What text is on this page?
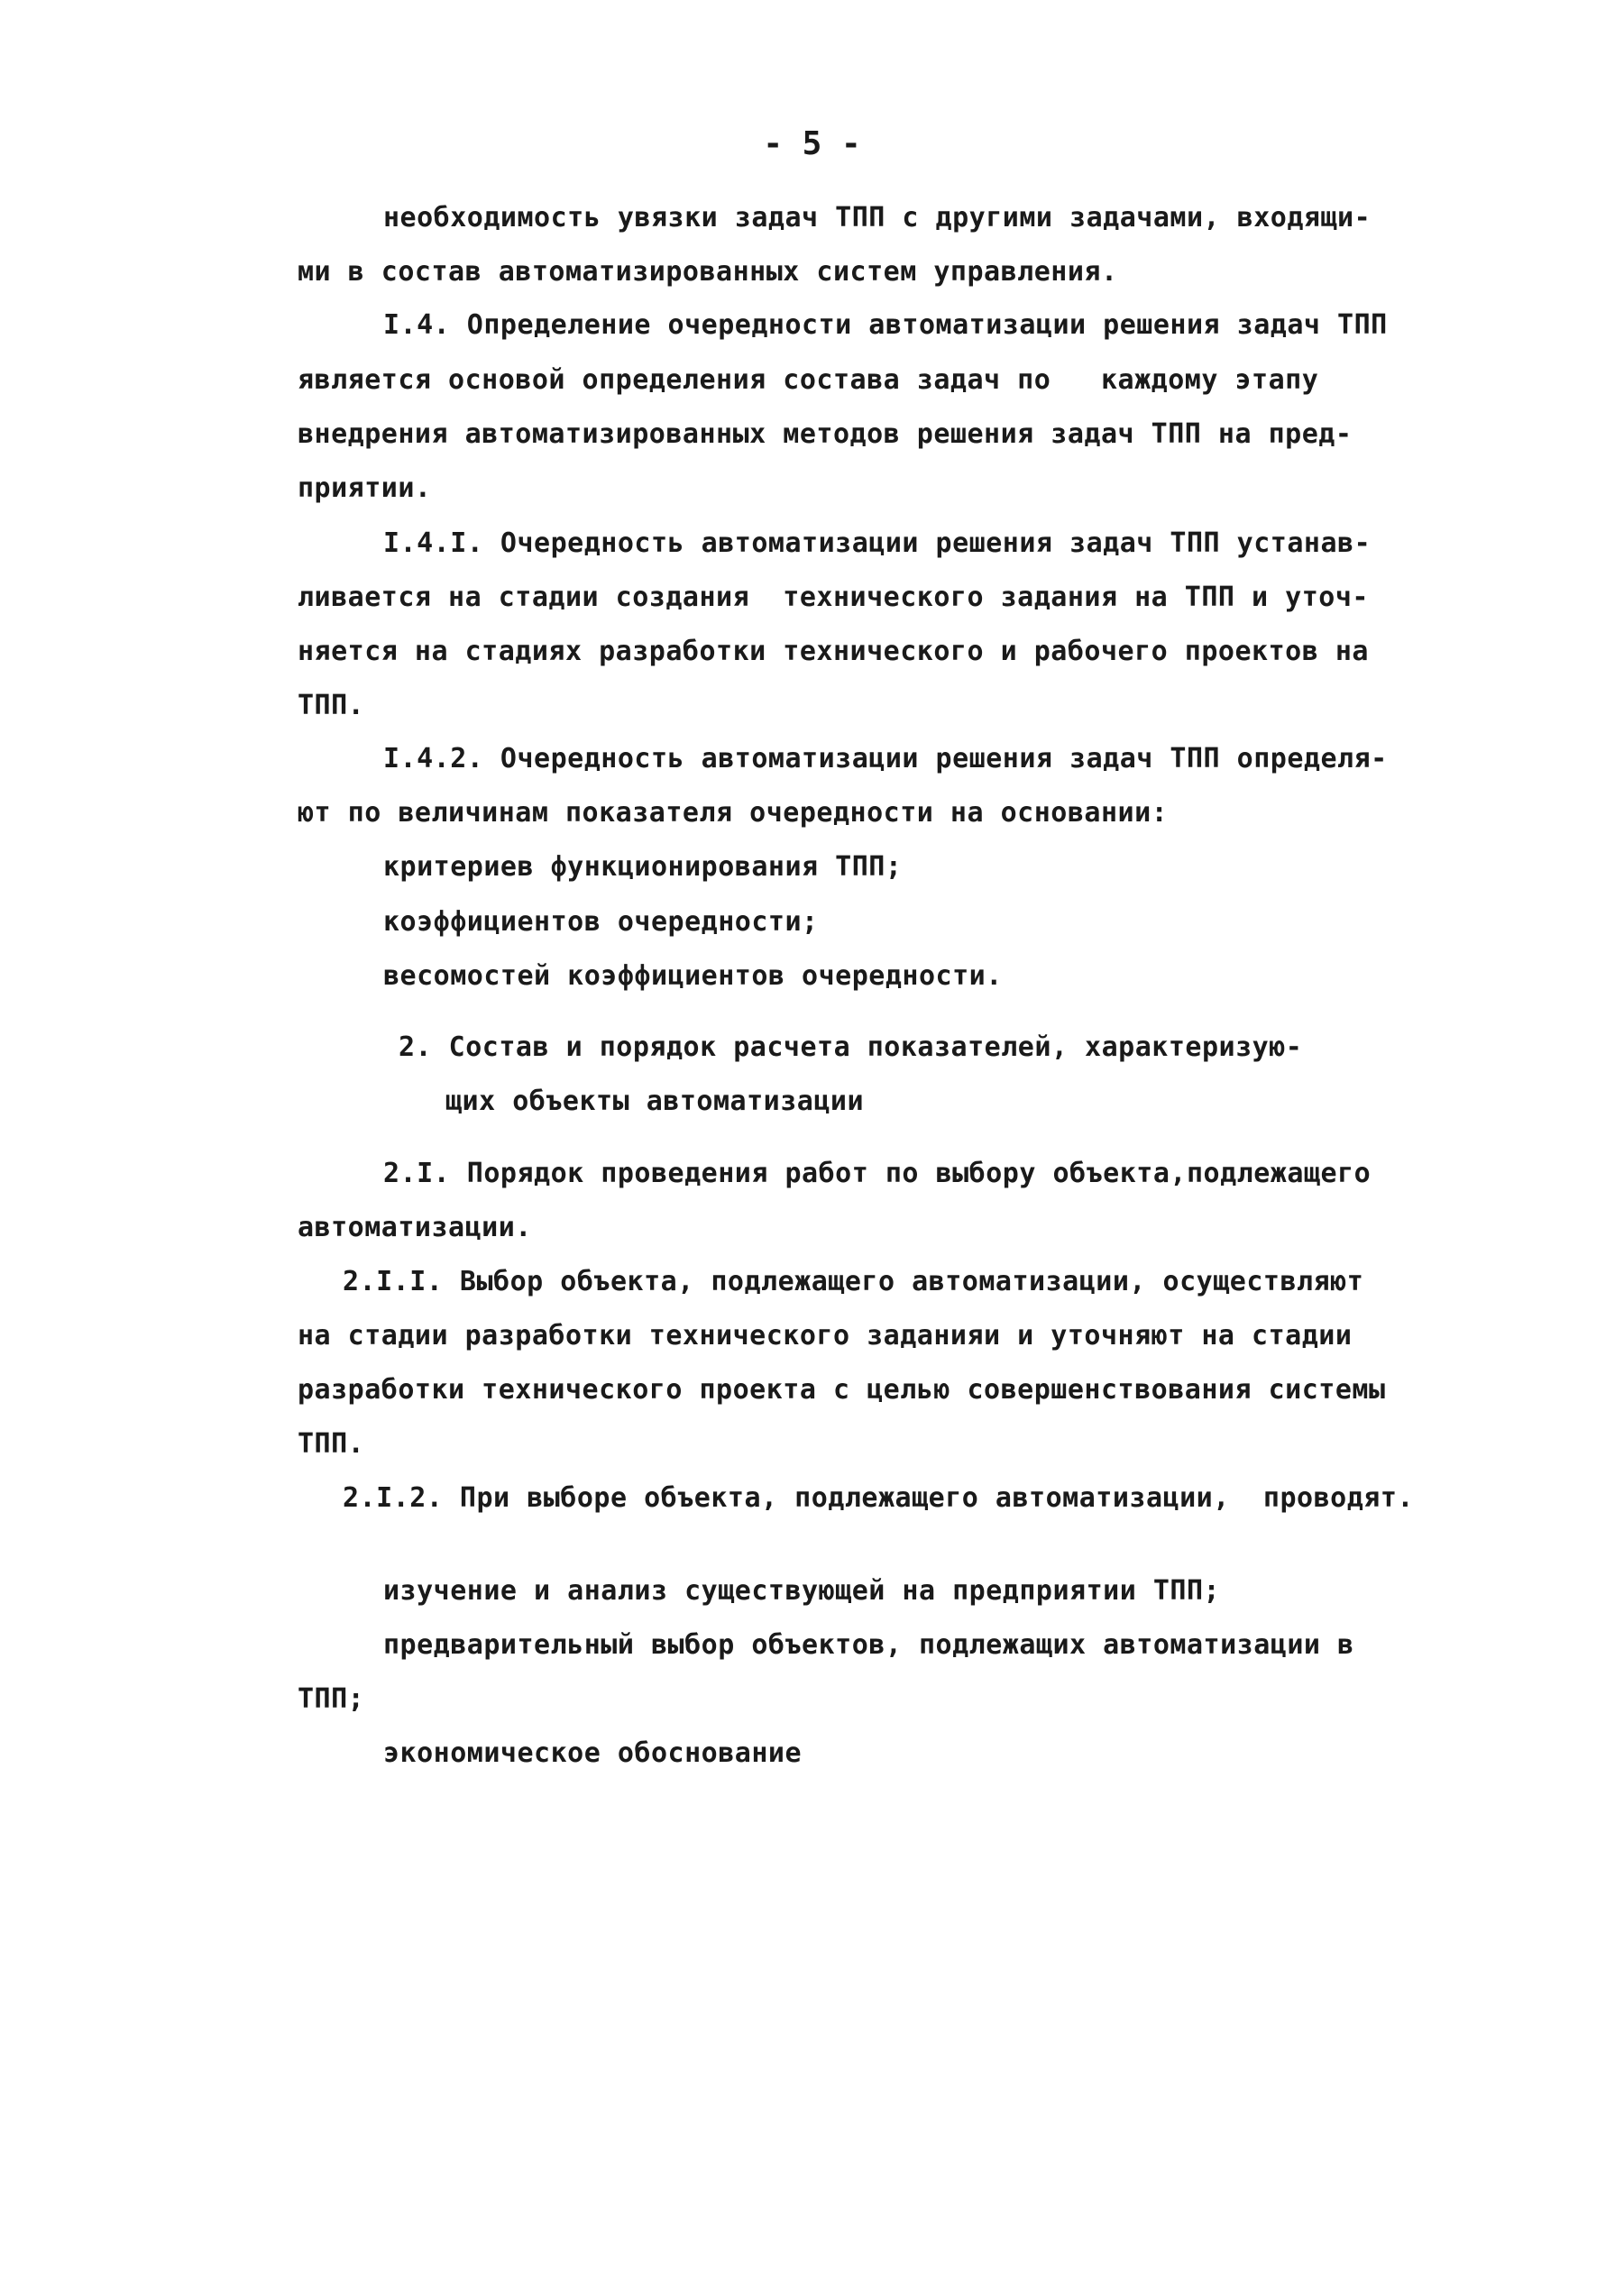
- 5 -
необходимость увязки задач ТПП с другими задачами, входящи-
ми в состав автоматизированных систем управления.
I.4. Определение очередности автоматизации решения задач ТПП
является основой определения состава задач по   каждому этапу
внедрения автоматизированных методов решения задач ТПП на пред-
приятии.
I.4.I. Очередность автоматизации решения задач ТПП устанав-
ливается на стадии создания  технического задания на ТПП и уточ-
няется на стадиях разработки технического и рабочего проектов на
ТПП.
I.4.2. Очередность автоматизации решения задач ТПП определя-
ют по величинам показателя очередности на основании:
критериев функционирования ТПП;
коэффициентов очередности;
весомостей коэффициентов очередности.
2. Состав и порядок расчета показателей, характеризую-
щих объекты автоматизации
2.I. Порядок проведения работ по выбору объекта,подлежащего
автоматизации.
2.I.I. Выбор объекта, подлежащего автоматизации, осуществляют
на стадии разработки технического заданияи и уточняют на стадии
разработки технического проекта с целью совершенствования системы
ТПП.
2.I.2. При выборе объекта, подлежащего автоматизации,  проводят.
изучение и анализ существующей на предприятии ТПП;
предварительный выбор объектов, подлежащих автоматизации в
ТПП;
экономическое обоснование
